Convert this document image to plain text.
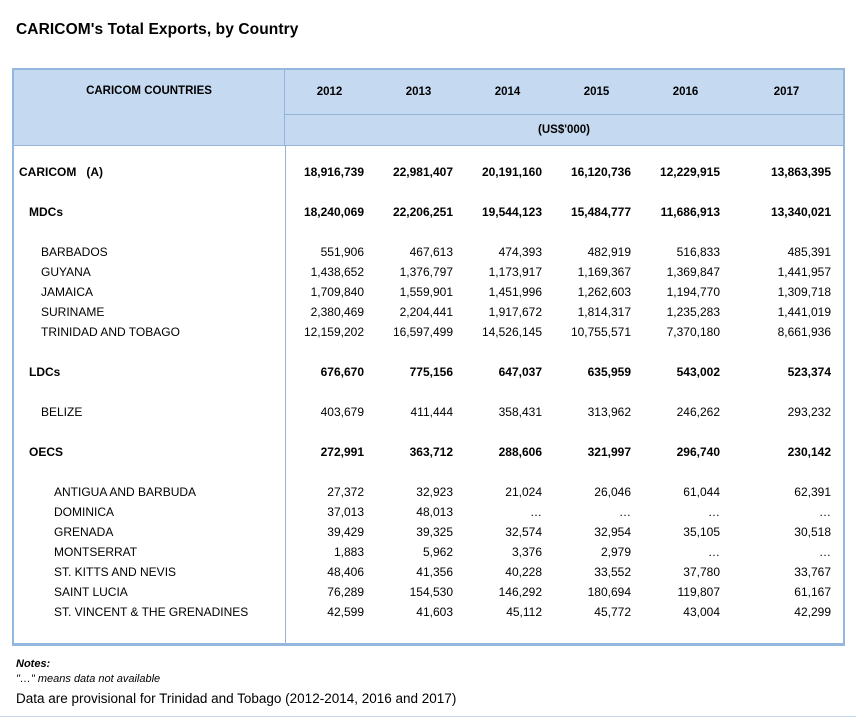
CARICOM's Total Exports, by Country
CARICOM COUNTRIES	2012	2013	2014	2015	2016	2017
(US$'000)
CARICOM   (A)	18,916,739	22,981,407	20,191,160	16,120,736	12,229,915	13,863,395
MDCs	18,240,069	22,206,251	19,544,123	15,484,777	11,686,913	13,340,021
BARBADOS	551,906	467,613	474,393	482,919	516,833	485,391
GUYANA	1,438,652	1,376,797	1,173,917	1,169,367	1,369,847	1,441,957
JAMAICA	1,709,840	1,559,901	1,451,996	1,262,603	1,194,770	1,309,718
SURINAME	2,380,469	2,204,441	1,917,672	1,814,317	1,235,283	1,441,019
TRINIDAD AND TOBAGO	12,159,202	16,597,499	14,526,145	10,755,571	7,370,180	8,661,936
LDCs	676,670	775,156	647,037	635,959	543,002	523,374
BELIZE	403,679	411,444	358,431	313,962	246,262	293,232
OECS	272,991	363,712	288,606	321,997	296,740	230,142
ANTIGUA AND BARBUDA	27,372	32,923	21,024	26,046	61,044	62,391
DOMINICA	37,013	48,013	…	…	…	…
GRENADA	39,429	39,325	32,574	32,954	35,105	30,518
MONTSERRAT	1,883	5,962	3,376	2,979	…	…
ST. KITTS AND NEVIS	48,406	41,356	40,228	33,552	37,780	33,767
SAINT LUCIA	76,289	154,530	146,292	180,694	119,807	61,167
ST. VINCENT & THE GRENADINES	42,599	41,603	45,112	45,772	43,004	42,299
Notes:
"…" means data not available
Data are provisional for Trinidad and Tobago (2012-2014, 2016 and 2017)
